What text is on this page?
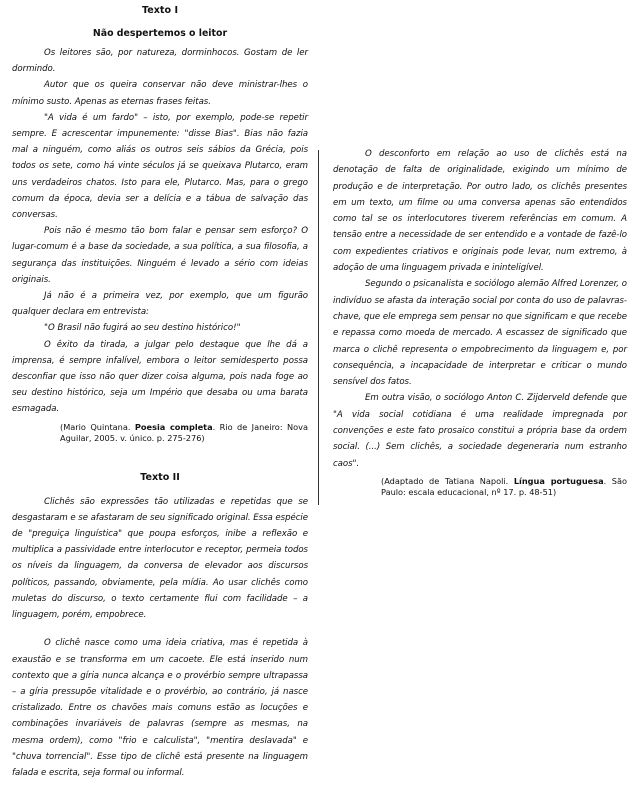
Texto I
Não despertemos o leitor

Os leitores são, por natureza, dorminhocos. Gostam de ler dormindo.

Autor que os queira conservar não deve ministrar-lhes o mínimo susto. Apenas as eternas frases feitas.

"A vida é um fardo" – isto, por exemplo, pode-se repetir sempre. E acrescentar impunemente: "disse Bias". Bias não fazia mal a ninguém, como aliás os outros seis sábios da Grécia, pois todos os sete, como há vinte séculos já se queixava Plutarco, eram uns verdadeiros chatos. Isto para ele, Plutarco. Mas, para o grego comum da época, devia ser a delícia e a tábua de salvação das conversas.

Pois não é mesmo tão bom falar e pensar sem esforço? O lugar-comum é a base da sociedade, a sua política, a sua filosofia, a segurança das instituições. Ninguém é levado a sério com ideias originais.

Já não é a primeira vez, por exemplo, que um figurão qualquer declara em entrevista:

"O Brasil não fugirá ao seu destino histórico!"

O êxito da tirada, a julgar pelo destaque que lhe dá a imprensa, é sempre infalível, embora o leitor semidesperto possa desconfiar que isso não quer dizer coisa alguma, pois nada foge ao seu destino histórico, seja um Império que desaba ou uma barata esmagada.

(Mario Quintana. Poesia completa. Rio de Janeiro: Nova Aguilar, 2005. v. único. p. 275-276)
Texto II

Clichês são expressões tão utilizadas e repetidas que se desgastaram e se afastaram de seu significado original. Essa espécie de "preguiça linguística" que poupa esforços, inibe a reflexão e multiplica a passividade entre interlocutor e receptor, permeia todos os níveis da linguagem, da conversa de elevador aos discursos políticos, passando, obviamente, pela mídia. Ao usar clichês como muletas do discurso, o texto certamente flui com facilidade – a linguagem, porém, empobrece.

O clichê nasce como uma ideia criativa, mas é repetida à exaustão e se transforma em um cacoete. Ele está inserido num contexto que a gíria nunca alcança e o provérbio sempre ultrapassa – a gíria pressupõe vitalidade e o provérbio, ao contrário, já nasce cristalizado. Entre os chavões mais comuns estão as locuções e combinações invariáveis de palavras (sempre as mesmas, na mesma ordem), como "frio e calculista", "mentira deslavada" e "chuva torrencial". Esse tipo de clichê está presente na linguagem falada e escrita, seja formal ou informal.

O desconforto em relação ao uso de clichês está na denotação de falta de originalidade, exigindo um mínimo de produção e de interpretação. Por outro lado, os clichês presentes em um texto, um filme ou uma conversa apenas são entendidos como tal se os interlocutores tiverem referências em comum. A tensão entre a necessidade de ser entendido e a vontade de fazê-lo com expedientes criativos e originais pode levar, num extremo, à adoção de uma linguagem privada e ininteligível.

Segundo o psicanalista e sociólogo alemão Alfred Lorenzer, o indivíduo se afasta da interação social por conta do uso de palavras-chave, que ele emprega sem pensar no que significam e que recebe e repassa como moeda de mercado. A escassez de significado que marca o clichê representa o empobrecimento da linguagem e, por consequência, a incapacidade de interpretar e criticar o mundo sensível dos fatos.

Em outra visão, o sociólogo Anton C. Zijderveld defende que "A vida social cotidiana é uma realidade impregnada por convenções e este fato prosaico constitui a própria base da ordem social. (...) Sem clichês, a sociedade degeneraria num estranho caos".

(Adaptado de Tatiana Napoli. Língua portuguesa. São Paulo: escala educacional, nº 17. p. 48-51)
